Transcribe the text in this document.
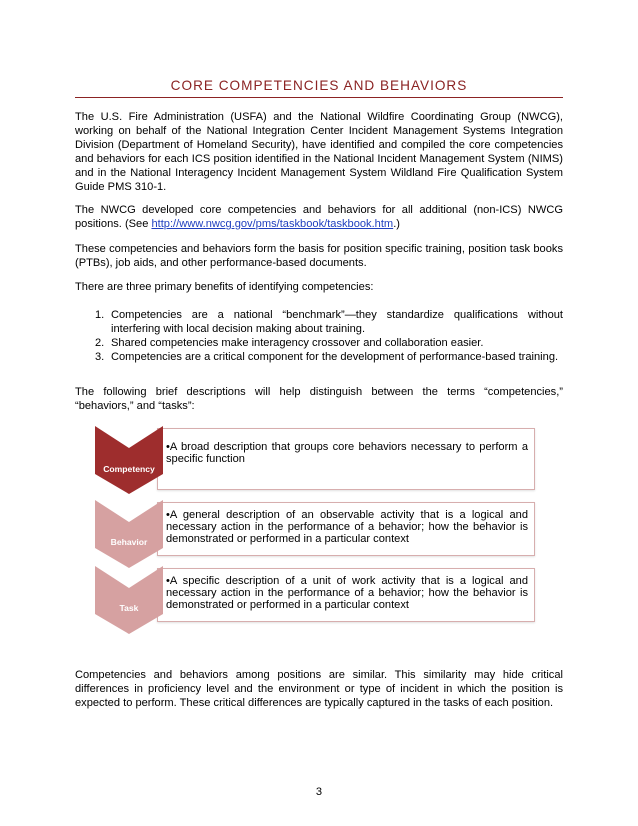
CORE COMPETENCIES AND BEHAVIORS

The U.S. Fire Administration (USFA) and the National Wildfire Coordinating Group (NWCG), working on behalf of the National Integration Center Incident Management Systems Integration Division (Department of Homeland Security), have identified and compiled the core competencies and behaviors for each ICS position identified in the National Incident Management System (NIMS) and in the National Interagency Incident Management System Wildland Fire Qualification System Guide PMS 310-1.

The NWCG developed core competencies and behaviors for all additional (non-ICS) NWCG positions. (See http://www.nwcg.gov/pms/taskbook/taskbook.htm.)

These competencies and behaviors form the basis for position specific training, position task books (PTBs), job aids, and other performance-based documents.

There are three primary benefits of identifying competencies:

1. Competencies are a national “benchmark”—they standardize qualifications without interfering with local decision making about training.
2. Shared competencies make interagency crossover and collaboration easier.
3. Competencies are a critical component for the development of performance-based training.

The following brief descriptions will help distinguish between the terms “competencies,” “behaviors,” and “tasks”:

•A broad description that groups core behaviors necessary to perform a specific function
Competency
•A general description of an observable activity that is a logical and necessary action in the performance of a behavior; how the behavior is demonstrated or performed in a particular context
Behavior
•A specific description of a unit of work activity that is a logical and necessary action in the performance of a behavior; how the behavior is demonstrated or performed in a particular context
Task

Competencies and behaviors among positions are similar. This similarity may hide critical differences in proficiency level and the environment or type of incident in which the position is expected to perform. These critical differences are typically captured in the tasks of each position.

3
